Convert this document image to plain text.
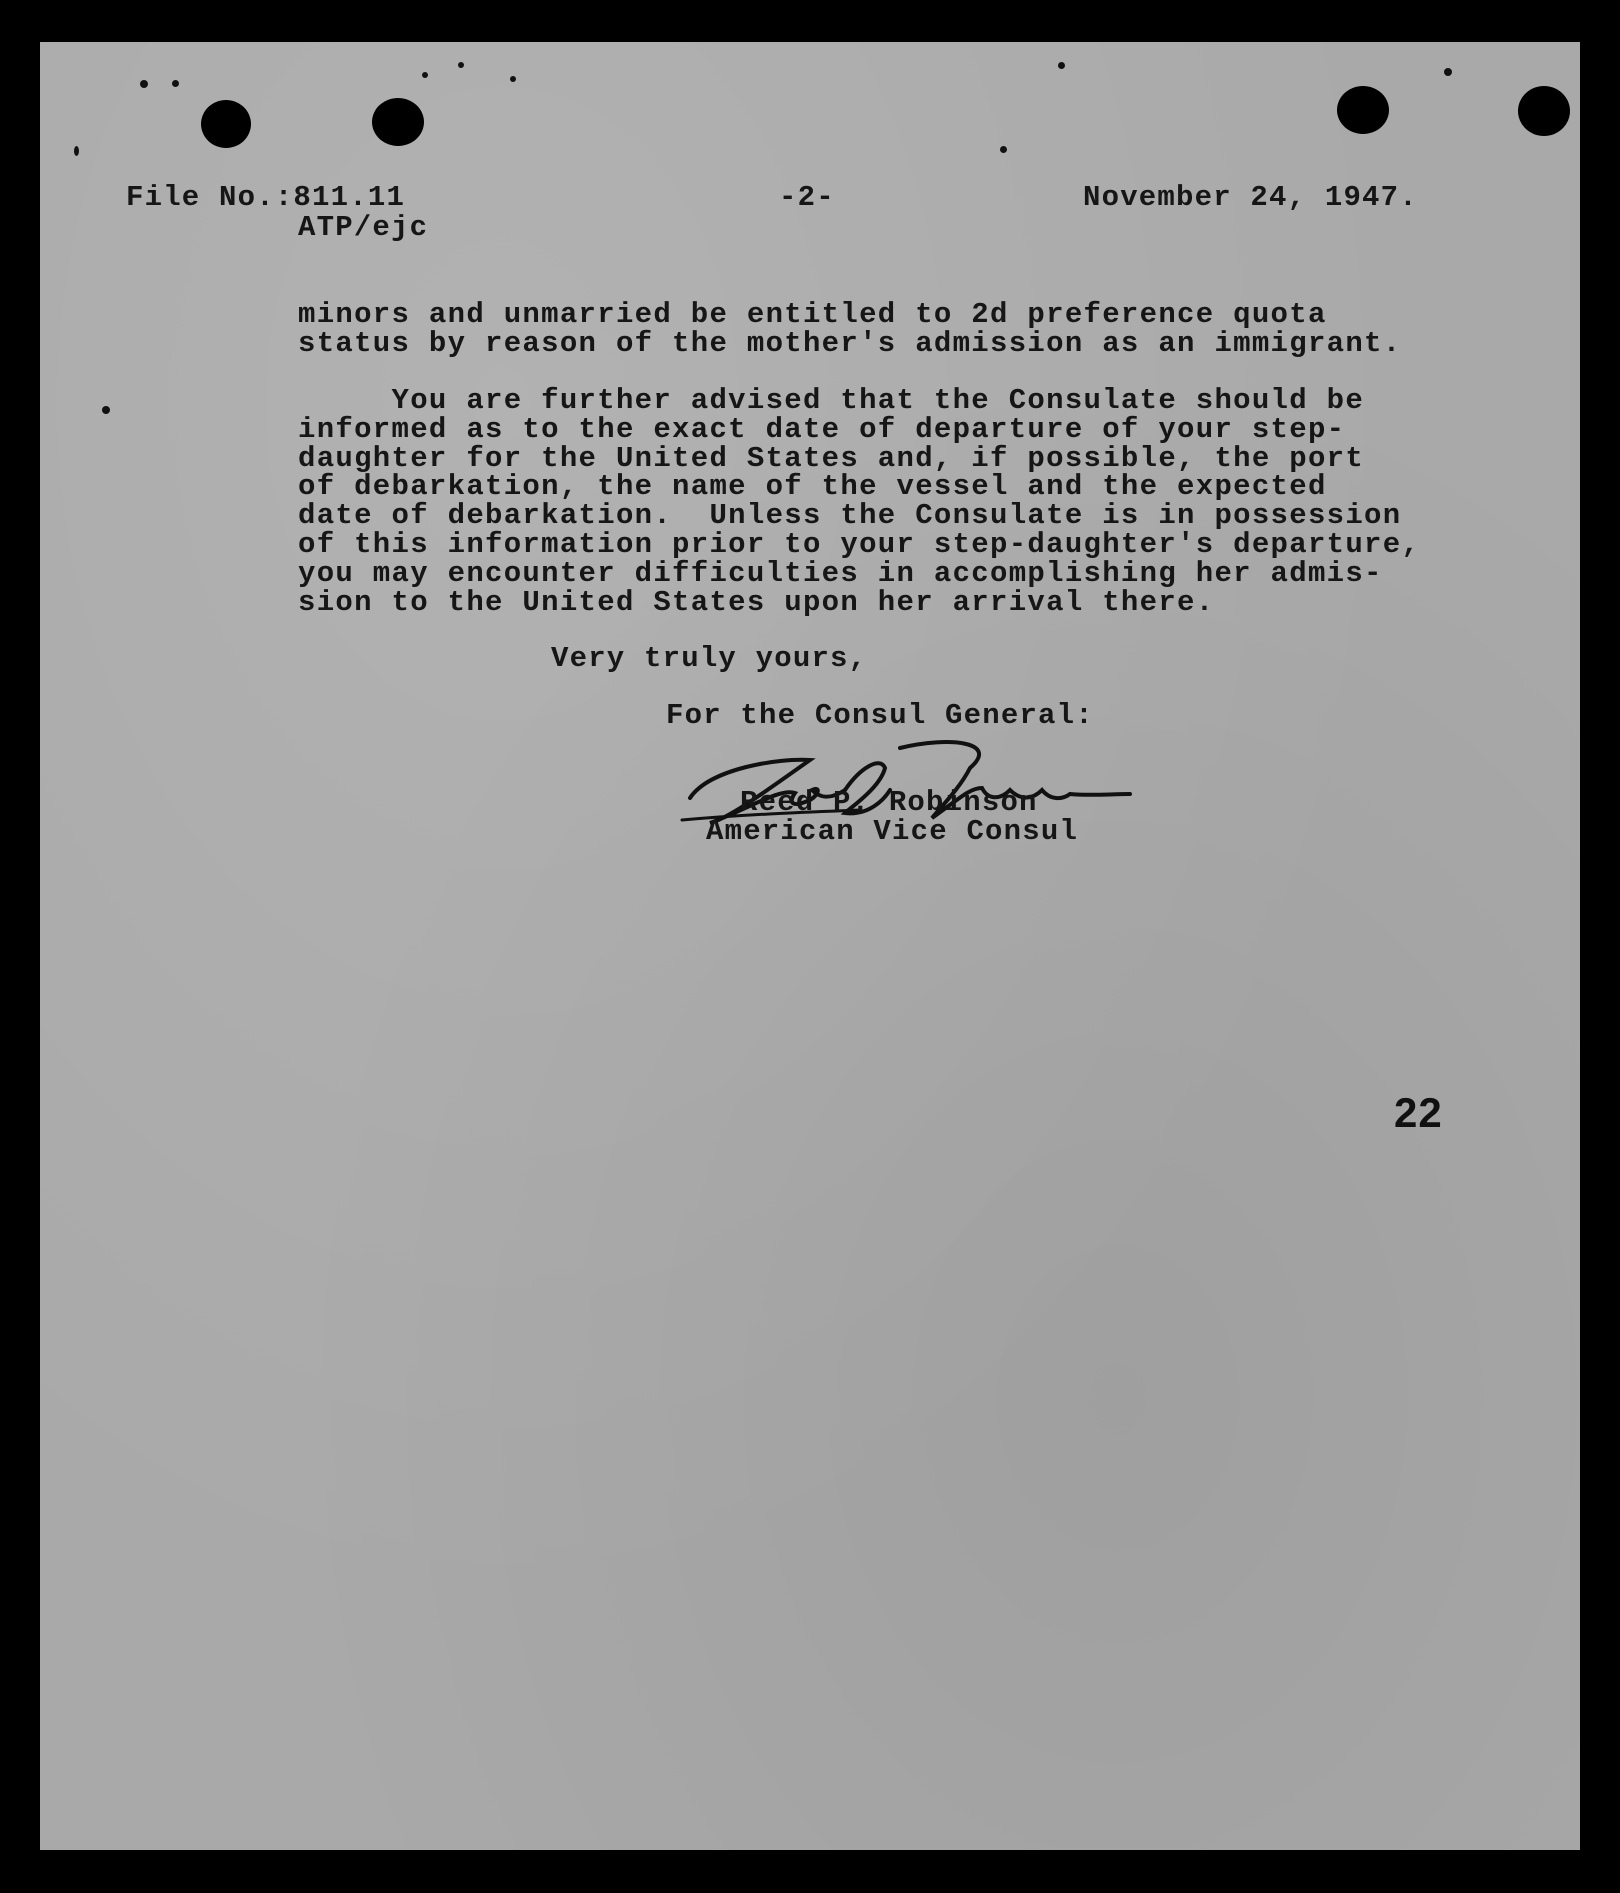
File No.:811.11
ATP/ejc
-2-	November 24, 1947.
minors and unmarried be entitled to 2d preference quota
status by reason of the mother's admission as an immigrant.
You are further advised that the Consulate should be
informed as to the exact date of departure of your step-
daughter for the United States and, if possible, the port
of debarkation, the name of the vessel and the expected
date of debarkation.  Unless the Consulate is in possession
of this information prior to your step-daughter's departure,
you may encounter difficulties in accomplishing her admis-
sion to the United States upon her arrival there.
Very truly yours,
For the Consul General:
Reed P. Robinson
American Vice Consul
22
